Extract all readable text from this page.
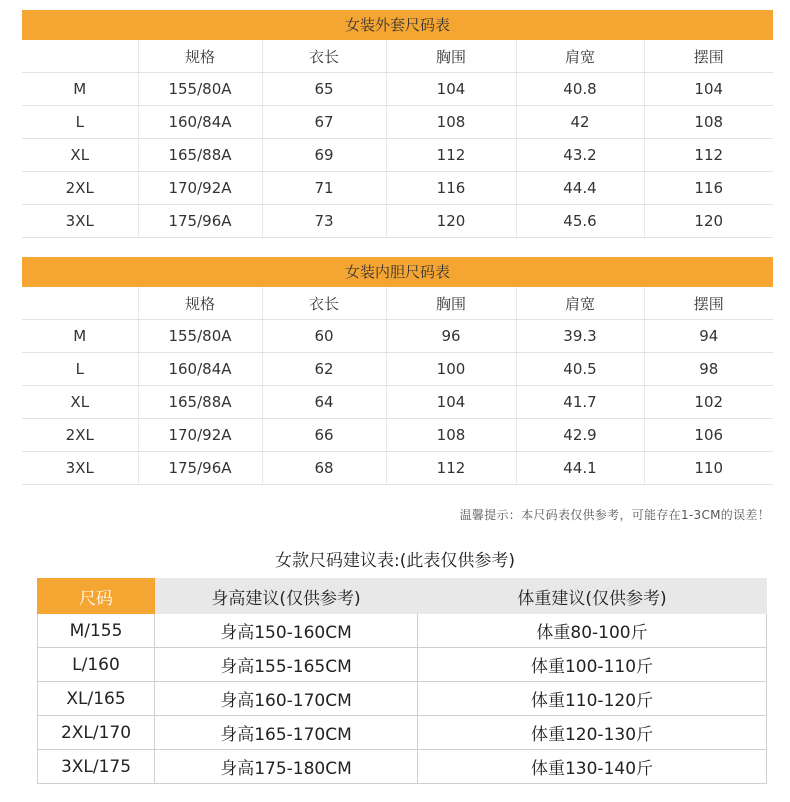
女装外套尺码表
	规格	衣长	胸围	肩宽	摆围
M	155/80A	65	104	40.8	104
L	160/84A	67	108	42	108
XL	165/88A	69	112	43.2	112
2XL	170/92A	71	116	44.4	116
3XL	175/96A	73	120	45.6	120
女装内胆尺码表
	规格	衣长	胸围	肩宽	摆围
M	155/80A	60	96	39.3	94
L	160/84A	62	100	40.5	98
XL	165/88A	64	104	41.7	102
2XL	170/92A	66	108	42.9	106
3XL	175/96A	68	112	44.1	110
温馨提示：本尺码表仅供参考，可能存在1-3CM的误差！
女款尺码建议表:(此表仅供参考)
尺码	身高建议(仅供参考)	体重建议(仅供参考)
M/155	身高150-160CM	体重80-100斤
L/160	身高155-165CM	体重100-110斤
XL/165	身高160-170CM	体重110-120斤
2XL/170	身高165-170CM	体重120-130斤
3XL/175	身高175-180CM	体重130-140斤
